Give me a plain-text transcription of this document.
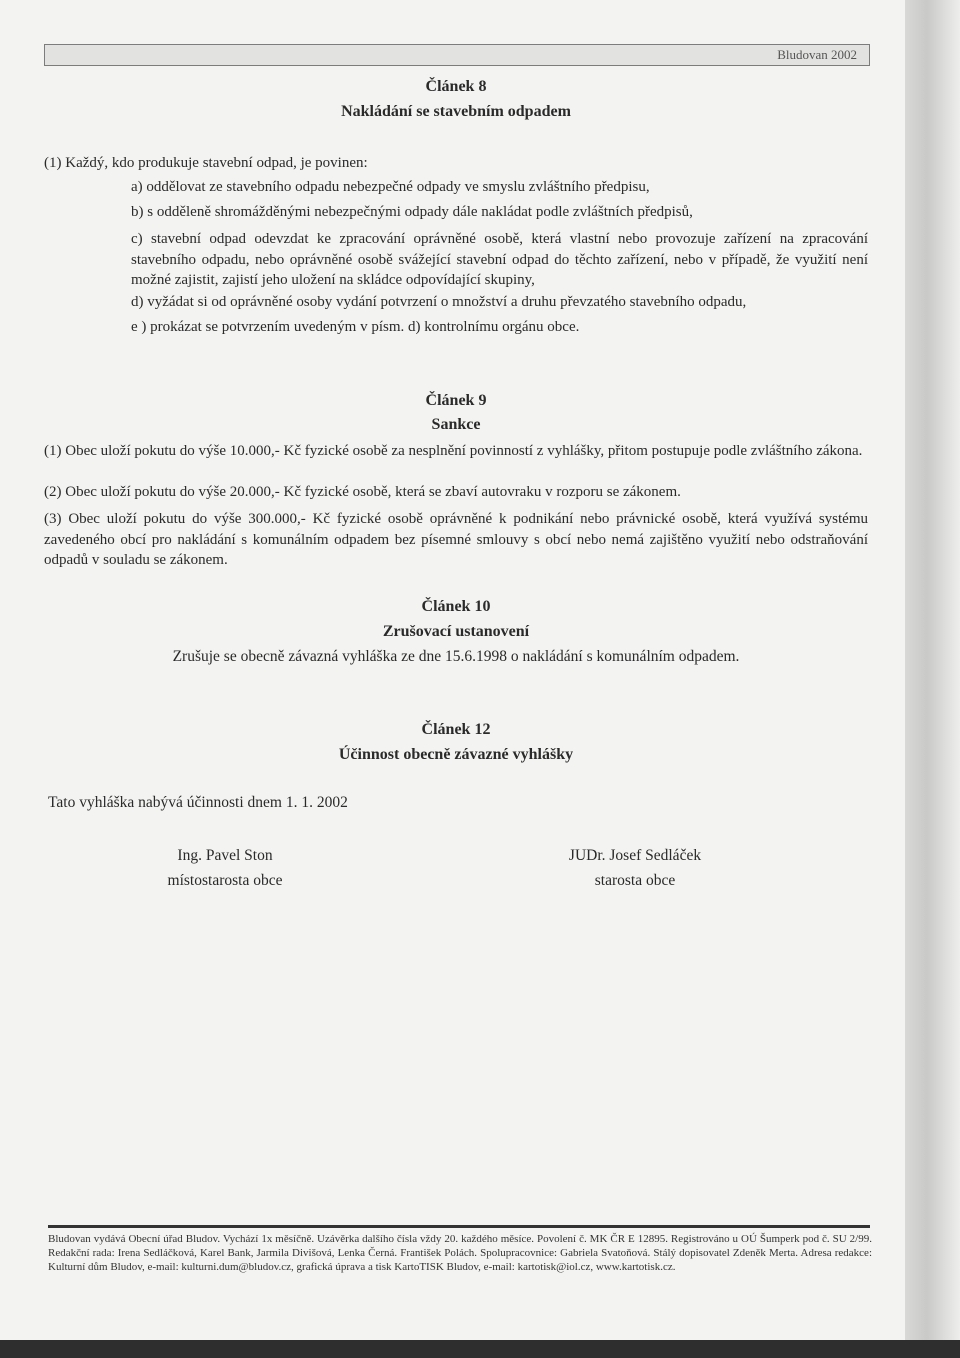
Bludovan 2002
Článek 8
Nakládání se stavebním odpadem
(1) Každý, kdo produkuje stavební odpad, je povinen:
a) oddělovat ze stavebního odpadu nebezpečné odpady ve smyslu zvláštního předpisu,
b) s odděleně shromážděnými nebezpečnými odpady dále nakládat podle zvláštních předpisů,
c) stavební odpad odevzdat ke zpracování oprávněné osobě, která vlastní nebo provozuje zařízení na zpracování stavebního odpadu, nebo oprávněné osobě svážející stavební odpad do těchto zařízení, nebo v případě, že využití není možné zajistit, zajistí jeho uložení na skládce odpovídající skupiny,
d) vyžádat si od oprávněné osoby vydání potvrzení o množství a druhu převzatého stavebního odpadu,
e ) prokázat se potvrzením uvedeným v písm. d) kontrolnímu orgánu obce.
Článek 9
Sankce
(1) Obec uloží pokutu do výše 10.000,- Kč fyzické osobě za nesplnění povinností z vyhlášky, přitom postupuje podle zvláštního zákona.
(2) Obec uloží pokutu do výše 20.000,- Kč fyzické osobě, která se zbaví autovraku v rozporu se zákonem.
(3) Obec uloží pokutu do výše 300.000,- Kč fyzické osobě oprávněné k podnikání nebo právnické osobě, která využívá systému zavedeného obcí pro nakládání s komunálním odpadem bez písemné smlouvy s obcí nebo nemá zajištěno využití nebo odstraňování odpadů v souladu se zákonem.
Článek 10
Zrušovací ustanovení
Zrušuje se obecně závazná vyhláška ze dne 15.6.1998 o nakládání s komunálním odpadem.
Článek 12
Účinnost obecně závazné vyhlášky
Tato vyhláška nabývá účinnosti dnem 1. 1. 2002
Ing. Pavel Ston
místostarosta obce
JUDr. Josef Sedláček
starosta obce
Bludovan vydává Obecní úřad Bludov. Vychází 1x měsíčně. Uzávěrka dalšího čísla vždy 20. každého měsíce. Povolení č. MK ČR E 12895. Registrováno u OÚ Šumperk pod č. SU 2/99. Redakční rada: Irena Sedláčková, Karel Bank, Jarmila Divišová, Lenka Černá. František Polách. Spolupracovnice: Gabriela Svatoňová. Stálý dopisovatel Zdeněk Merta. Adresa redakce: Kulturní dům Bludov, e-mail: kulturni.dum@bludov.cz, grafická úprava a tisk KartoTISK Bludov, e-mail: kartotisk@iol.cz, www.kartotisk.cz.
